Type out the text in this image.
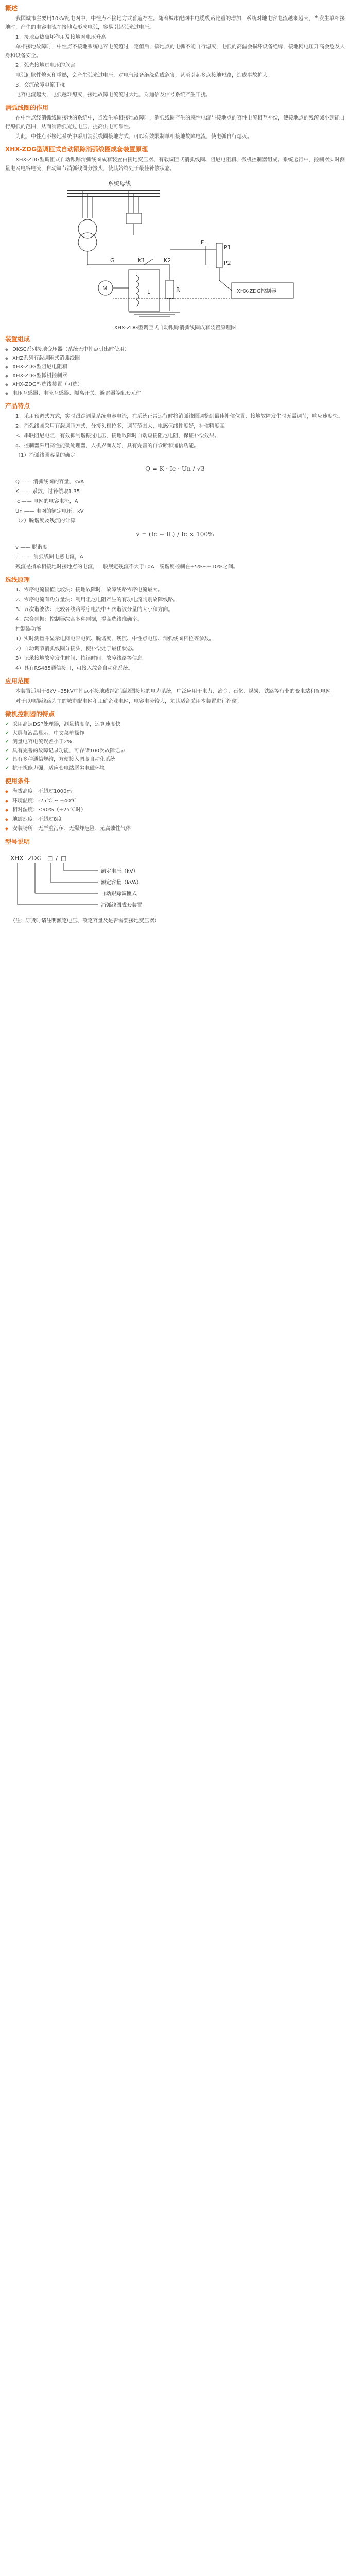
概述

我国城市主要用10kV配电网中，中性点不接地方式普遍存在。随着城市配网中电缆线路比重的增加，系统对地电容电流越来越大，当发生单相接地时，产生的电容电流在接地点形成电弧，容易引起弧光过电压。

1、接地点热破坏作用及接地网电压升高

单相接地故障时，中性点不接地系统电容电流超过一定值后，接地点的电弧不能自行熄灭，电弧的高温会损坏设备绝缘，接地网电压升高会危及人身和设备安全。

2、弧光接地过电压的危害

电弧间歇性熄灭和重燃，会产生弧光过电压，对电气设备绝缘造成危害，甚至引起多点接地短路，造成事故扩大。

3、交流故障电流干扰

电容电流越大，电弧越难熄灭，接地故障电流流过大地，对通信及信号系统产生干扰。

消弧线圈的作用

在中性点经消弧线圈接地的系统中，当发生单相接地故障时，消弧线圈产生的感性电流与接地点的容性电流相互补偿，使接地点的残流减小到能自行熄弧的范围，从而消除弧光过电压，提高供电可靠性。

为此，中性点不接地系统中采用消弧线圈接地方式，可以有效限制单相接地故障电流，使电弧自行熄灭。

XHX-ZDG型调匝式自动跟踪消弧线圈成套装置原理

XHX-ZDG型调匝式自动跟踪消弧线圈成套装置由接地变压器、有载调匝式消弧线圈、阻尼电阻箱、微机控制器组成。系统运行中，控制器实时测量电网电容电流，自动调节消弧线圈分接头，使其始终处于最佳补偿状态。

系统母线
G	K1	K2
F
P1
P2
M
L	R	XHX-ZDG控制器
XHX-ZDG型调匝式自动跟踪消弧线圈成套装置原理图
装置组成
◆ DKSC系列接地变压器（系统无中性点引出时使用）
◆ XHZ系列有载调匝式消弧线圈
◆ XHX-ZDG型阻尼电阻箱
◆ XHX-ZDG型微机控制器
◆ XHX-ZDG型选线装置（可选）
◆ 电压互感器、电流互感器、隔离开关、避雷器等配套元件
产品特点

1、采用预调式方式，实时跟踪测量系统电容电流，在系统正常运行时将消弧线圈调整到最佳补偿位置，接地故障发生时无需调节，响应速度快。

2、消弧线圈采用有载调匝方式，分接头档位多，调节范围大，电感值线性度好，补偿精度高。

3、串联阻尼电阻，有效抑制谐振过电压，接地故障时自动短接阻尼电阻，保证补偿效果。

4、控制器采用高性能微处理器，人机界面友好，具有完善的自诊断和通信功能。

（1）消弧线圈容量的确定

Q = K · Ic · Un / √3

Q —— 消弧线圈的容量，kVA

K —— 系数，过补偿取1.35

Ic —— 电网的电容电流，A

Un —— 电网的额定电压，kV

（2）脱谐度及残流的计算

v = (Ic − IL) / Ic × 100%

v —— 脱谐度

IL —— 消弧线圈电感电流，A

残流是指单相接地时接地点的电流，一般规定残流不大于10A，脱谐度控制在±5%~±10%之间。

选线原理

1、零序电流幅值比较法：接地故障时，故障线路零序电流最大。

2、零序电流有功分量法：利用阻尼电阻产生的有功电流判别故障线路。

3、五次谐波法：比较各线路零序电流中五次谐波分量的大小和方向。

4、综合判据：控制器综合多种判据，提高选线准确率。

控制器功能

1）实时测量并显示电网电容电流、脱谐度、残流、中性点电压、消弧线圈档位等参数。

2）自动调节消弧线圈分接头，使补偿处于最佳状态。

3）记录接地故障发生时间、持续时间、故障线路等信息。

4）具有RS485通信接口，可接入综合自动化系统。

应用范围

本装置适用于6kV~35kV中性点不接地或经消弧线圈接地的电力系统，广泛应用于电力、冶金、石化、煤炭、铁路等行业的变电站和配电网。

对于以电缆线路为主的城市配电网和工矿企业电网，电容电流较大，尤其适合采用本装置进行补偿。

微机控制器的特点
✔ 采用高速DSP处理器，测量精度高，运算速度快
✔ 大屏幕液晶显示，中文菜单操作
✔ 测量电容电流误差小于2%
✔ 具有完善的故障记录功能，可存储100次故障记录
✔ 具有多种通信规约，方便接入调度自动化系统
✔ 抗干扰能力强，适应变电站恶劣电磁环境
使用条件
◆ 海拔高度：不超过1000m
◆ 环境温度：-25℃ ~ +40℃
◆ 相对湿度：≤90%（+25℃时）
◆ 地震烈度：不超过8度
◆ 安装场所：无严重污秽、无爆炸危险、无腐蚀性气体
型号说明
XHX ZDG □ / □
额定电压（kV）
额定容量（kVA）
自动跟踪调匝式
消弧线圈成套装置
（注：订货时请注明额定电压、额定容量及是否需要接地变压器）
